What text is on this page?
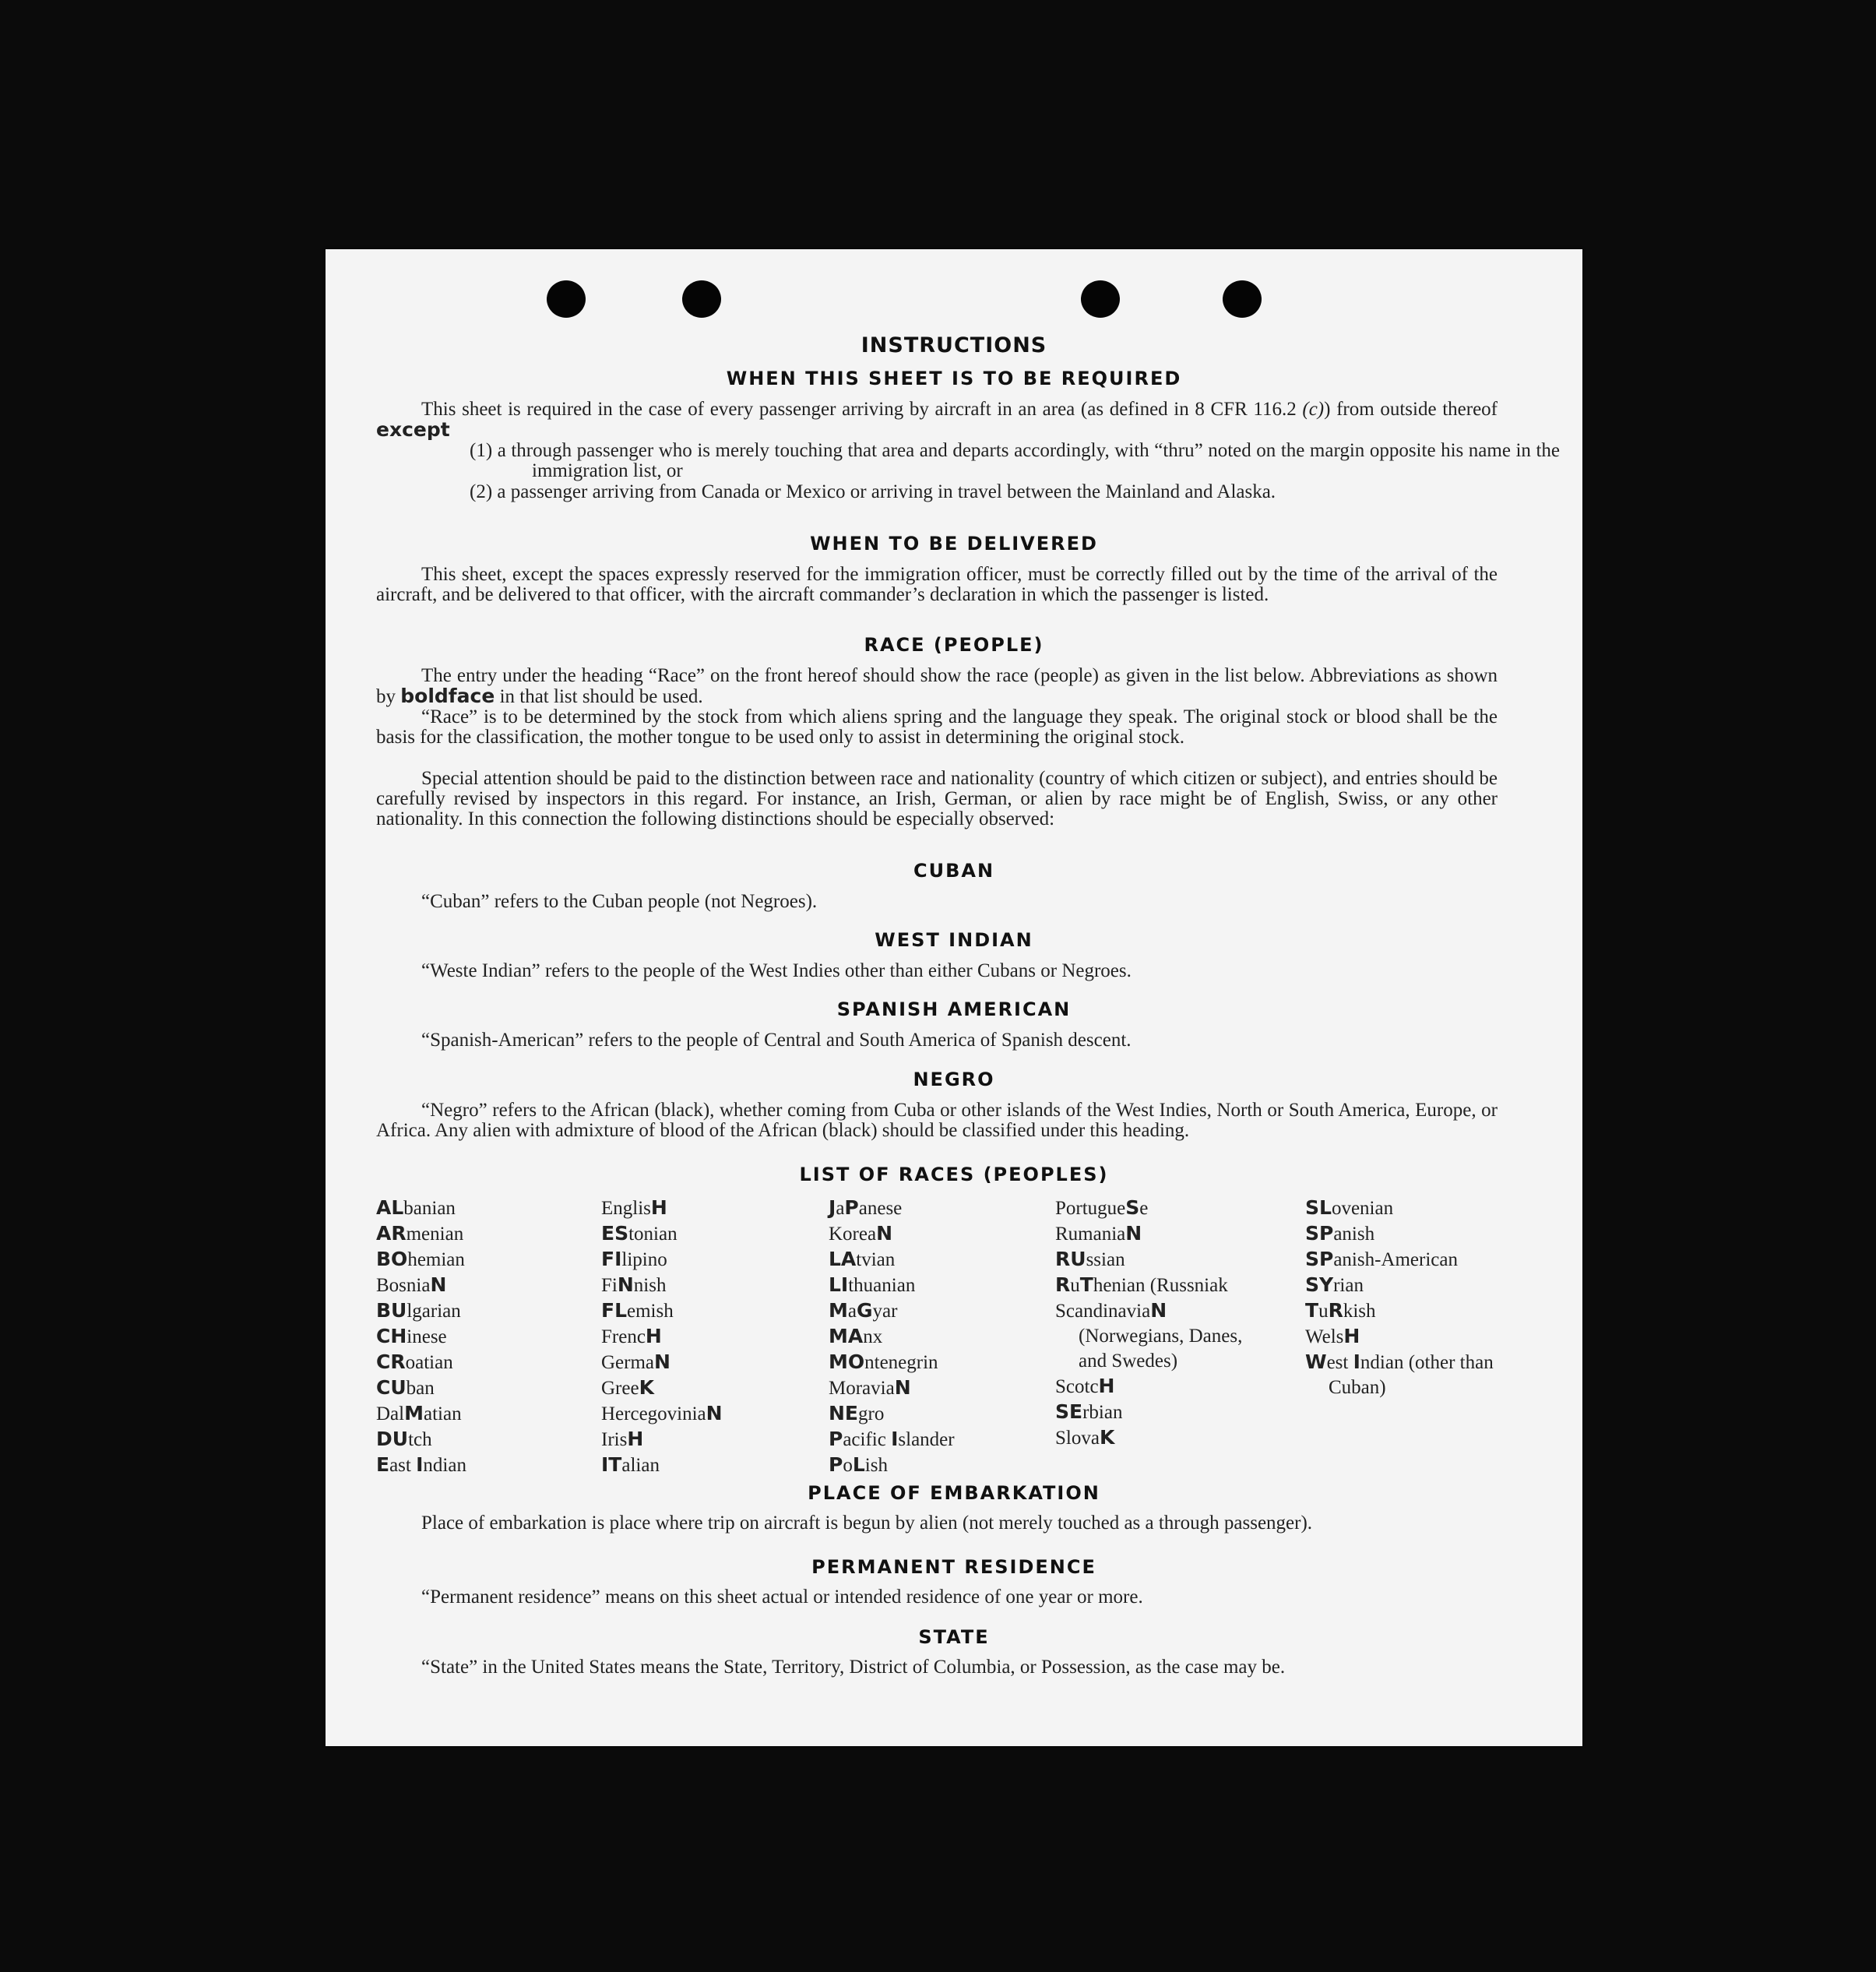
INSTRUCTIONS
WHEN THIS SHEET IS TO BE REQUIRED

This sheet is required in the case of every passenger arriving by aircraft in an area (as defined in 8 CFR 116.2 (c)) from outside thereof except

(1) a through passenger who is merely touching that area and departs accordingly, with “thru” noted on the margin opposite his name in the immigration list, or

(2) a passenger arriving from Canada or Mexico or arriving in travel between the Mainland and Alaska.

WHEN TO BE DELIVERED

This sheet, except the spaces expressly reserved for the immigration officer, must be correctly filled out by the time of the arrival of the aircraft, and be delivered to that officer, with the aircraft commander’s declaration in which the passenger is listed.

RACE (PEOPLE)

The entry under the heading “Race” on the front hereof should show the race (people) as given in the list below. Abbreviations as shown by boldface in that list should be used.

“Race” is to be determined by the stock from which aliens spring and the language they speak. The original stock or blood shall be the basis for the classification, the mother tongue to be used only to assist in determining the original stock.

Special attention should be paid to the distinction between race and nationality (country of which citizen or subject), and entries should be carefully revised by inspectors in this regard. For instance, an Irish, German, or alien by race might be of English, Swiss, or any other nationality. In this connection the following distinctions should be especially observed:

CUBAN

“Cuban” refers to the Cuban people (not Negroes).

WEST INDIAN

“Weste Indian” refers to the people of the West Indies other than either Cubans or Negroes.

SPANISH AMERICAN

“Spanish-American” refers to the people of Central and South America of Spanish descent.

NEGRO

“Negro” refers to the African (black), whether coming from Cuba or other islands of the West Indies, North or South America, Europe, or Africa. Any alien with admixture of blood of the African (black) should be classified under this heading.

LIST OF RACES (PEOPLES)
ALbanian
ARmenian
BOhemian
BosniaN
BUlgarian
CHinese
CRoatian
CUban
DalMatian
DUtch
East Indian
EnglisH
EStonian
FIlipino
FiNnish
FLemish
FrencH
GermaN
GreeK
HercegoviniaN
IrisH
ITalian
JaPanese
KoreaN
LAtvian
LIthuanian
MaGyar
MAnx
MOntenegrin
MoraviaN
NEgro
Pacific Islander
PoLish
PortugueSe
RumaniaN
RUssian
RuThenian (Russniak
ScandinaviaN (Norwegians, Danes, and Swedes)
ScotcH
SErbian
SlovaK
SLovenian
SPanish
SPanish-American
SYrian
TuRkish
WelsH
West Indian (other than Cuban)
PLACE OF EMBARKATION

Place of embarkation is place where trip on aircraft is begun by alien (not merely touched as a through passenger).

PERMANENT RESIDENCE

“Permanent residence” means on this sheet actual or intended residence of one year or more.

STATE

“State” in the United States means the State, Territory, District of Columbia, or Possession, as the case may be.
